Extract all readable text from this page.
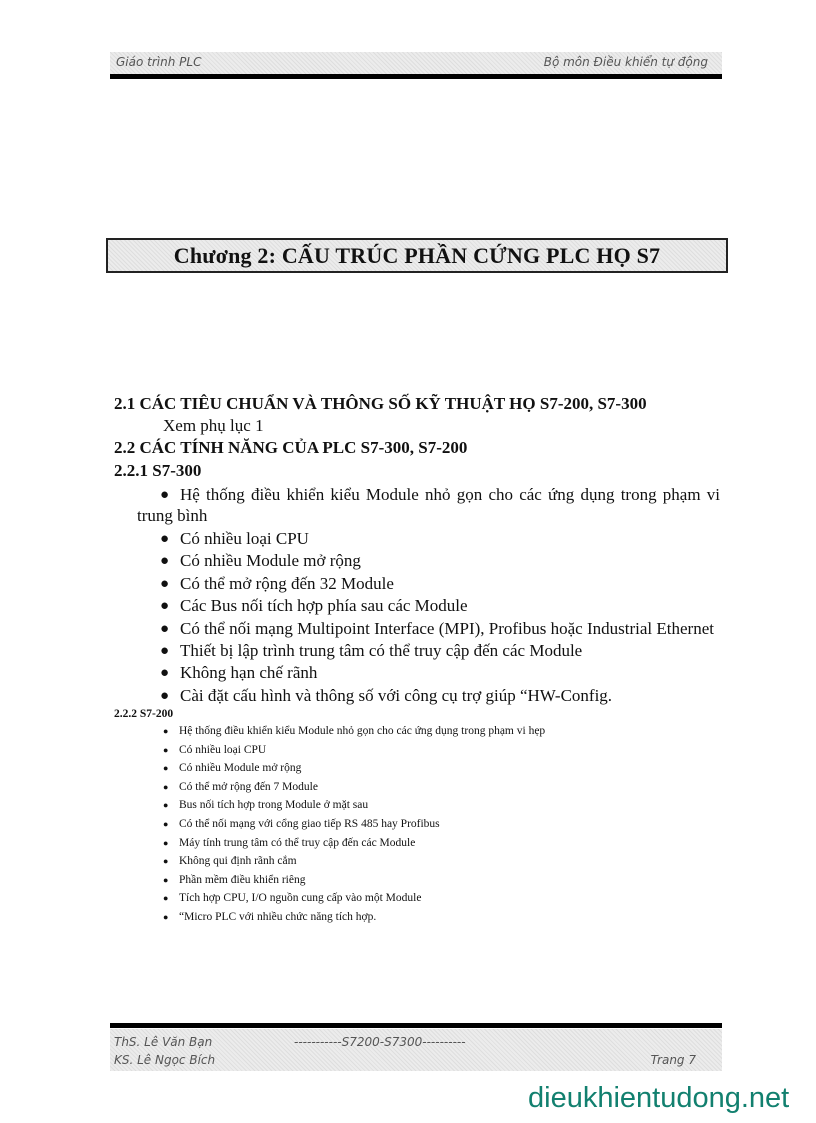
Giáo trình PLC	Bộ môn Điều khiển tự động
Chương 2: CẤU TRÚC PHẦN CỨNG PLC HỌ S7
2.1 CÁC TIÊU CHUẨN VÀ THÔNG SỐ KỸ THUẬT HỌ S7-200, S7-300
Xem phụ lục 1
2.2 CÁC TÍNH NĂNG CỦA PLC S7-300, S7-200
2.2.1 S7-300
● Hệ thống điều khiển kiểu Module nhỏ gọn cho các ứng dụng trong phạm vi
trung bình
● Có nhiều loại CPU
● Có nhiều Module mở rộng
● Có thể mở rộng đến 32 Module
● Các Bus nối tích hợp phía sau các Module
● Có thể nối mạng Multipoint Interface (MPI), Profibus hoặc Industrial Ethernet
● Thiết bị lập trình trung tâm có thể truy cập đến các Module
● Không hạn chế rãnh
● Cài đặt cấu hình và thông số với công cụ trợ giúp “HW-Config.
2.2.2 S7-200
● Hệ thống điều khiển kiểu Module nhỏ gọn cho các ứng dụng trong phạm vi hẹp
● Có nhiều loại CPU
● Có nhiều Module mở rộng
● Có thể mở rộng đến 7 Module
● Bus nối tích hợp trong Module ở mặt sau
● Có thể nối mạng với cổng giao tiếp RS 485 hay Profibus
● Máy tính trung tâm có thể truy cập đến các Module
● Không qui định rãnh cắm
● Phần mềm điều khiển riêng
● Tích hợp CPU, I/O nguồn cung cấp vào một Module
● “Micro PLC với nhiều chức năng tích hợp.
ThS. Lê Văn Bạn	-----------S7200-S7300----------
KS. Lê Ngọc Bích	Trang 7
dieukhientudong.net
